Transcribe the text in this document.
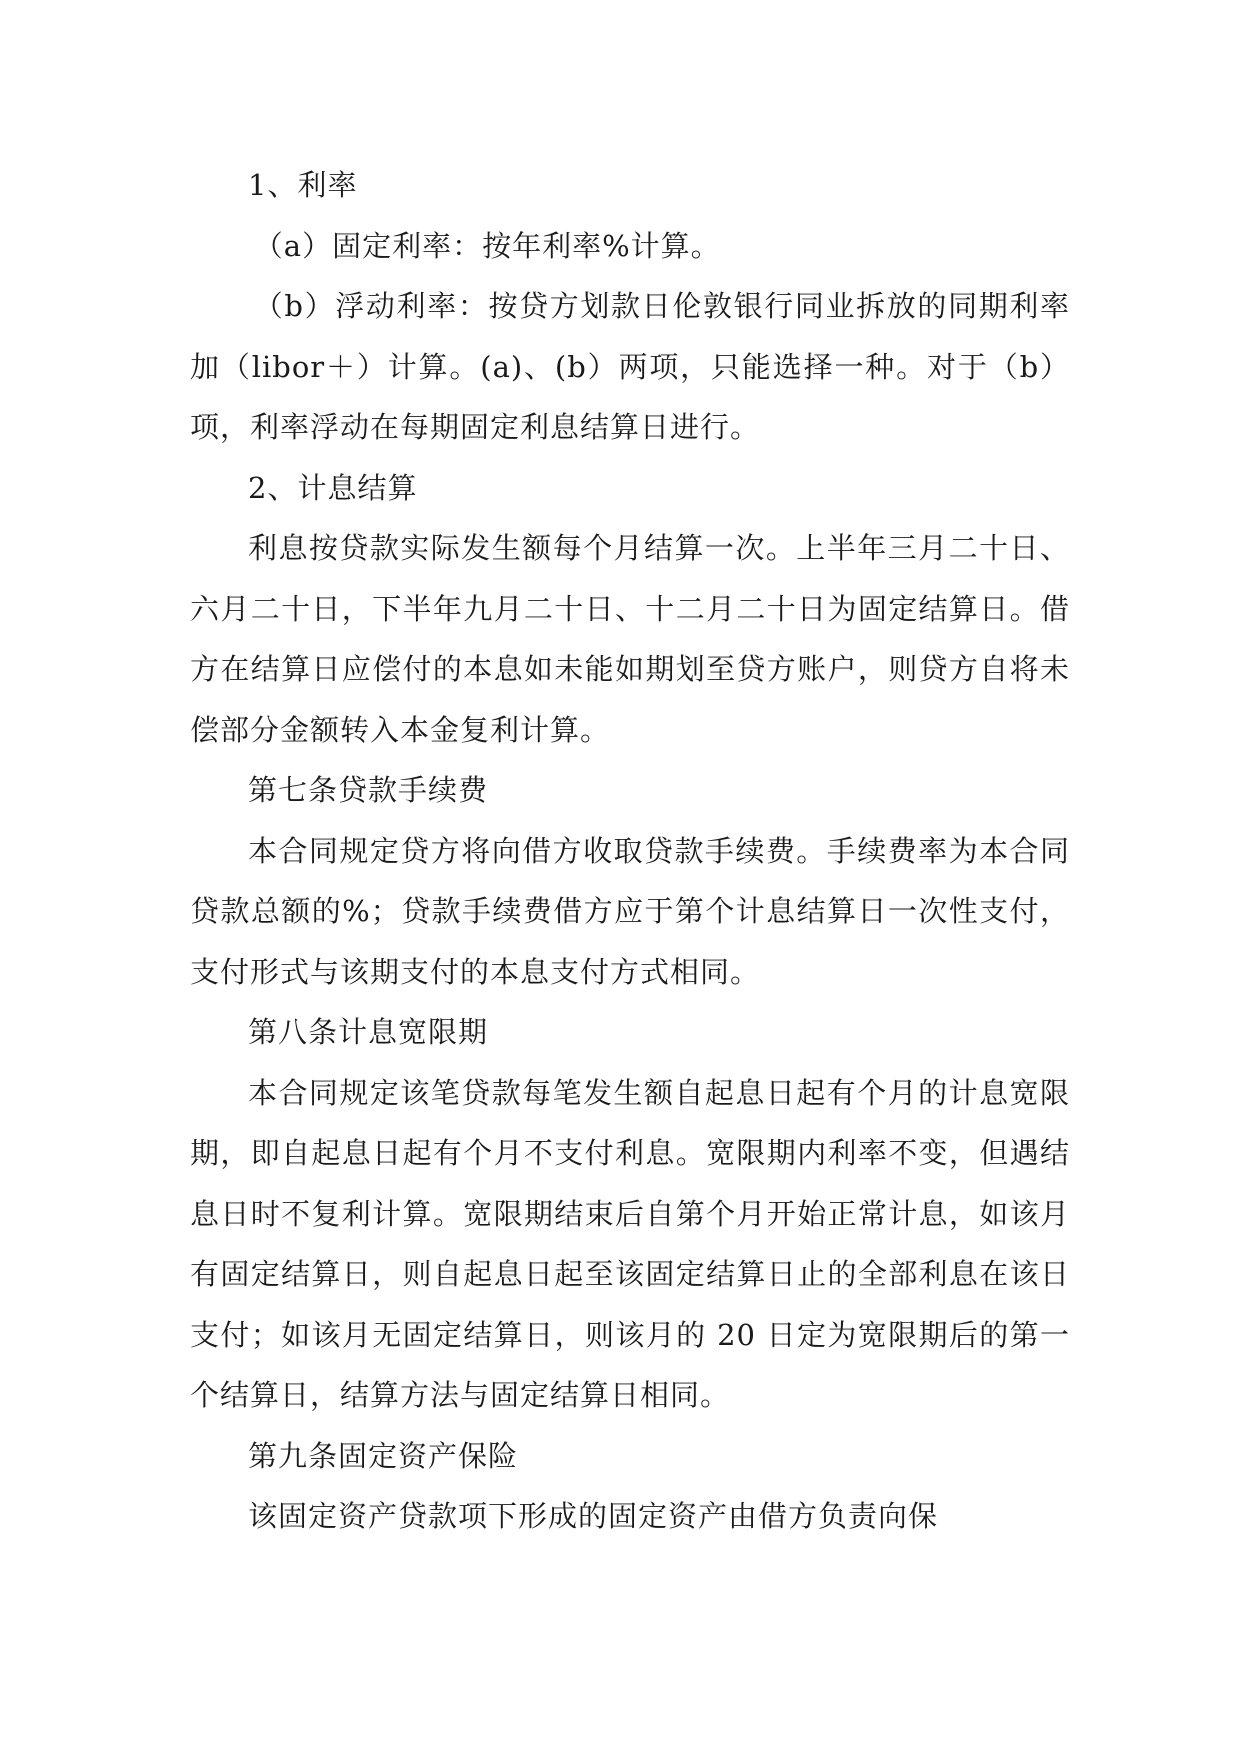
1、利率

（a）固定利率：按年利率%计算。

（b）浮动利率：按贷方划款日伦敦银行同业拆放的同期利率加（libor＋）计算。(a)、(b）两项，只能选择一种。对于（b）项，利率浮动在每期固定利息结算日进行。

2、计息结算

利息按贷款实际发生额每个月结算一次。上半年三月二十日、六月二十日，下半年九月二十日、十二月二十日为固定结算日。借方在结算日应偿付的本息如未能如期划至贷方账户，则贷方自将未偿部分金额转入本金复利计算。

第七条贷款手续费

本合同规定贷方将向借方收取贷款手续费。手续费率为本合同贷款总额的%；贷款手续费借方应于第个计息结算日一次性支付，支付形式与该期支付的本息支付方式相同。

第八条计息宽限期

本合同规定该笔贷款每笔发生额自起息日起有个月的计息宽限期，即自起息日起有个月不支付利息。宽限期内利率不变，但遇结息日时不复利计算。宽限期结束后自第个月开始正常计息，如该月有固定结算日，则自起息日起至该固定结算日止的全部利息在该日支付；如该月无固定结算日，则该月的 20 日定为宽限期后的第一个结算日，结算方法与固定结算日相同。

第九条固定资产保险

该固定资产贷款项下形成的固定资产由借方负责向保
